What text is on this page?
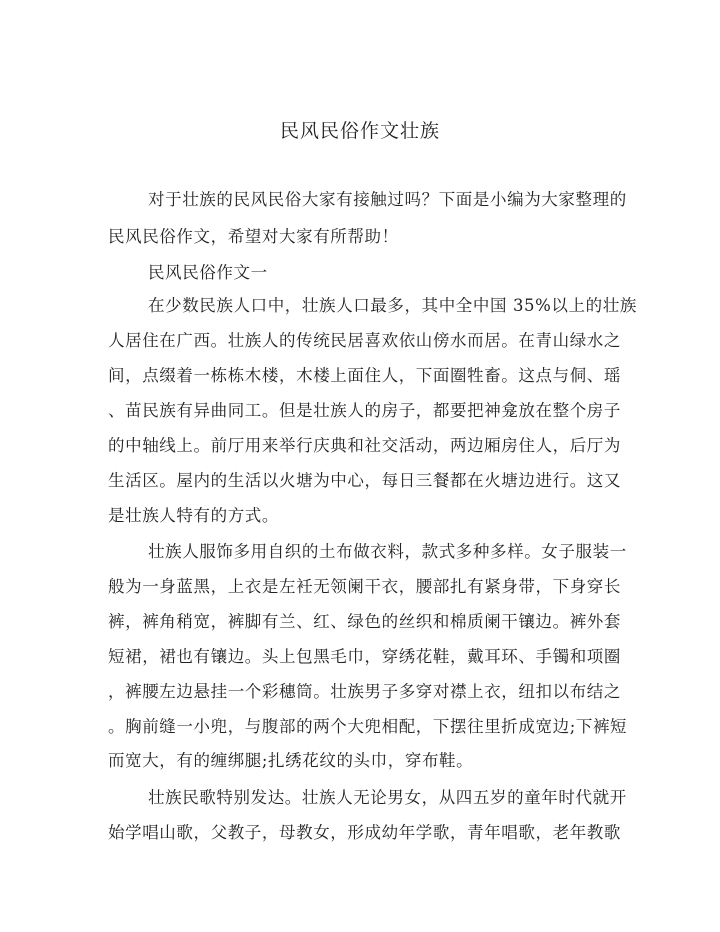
民风民俗作文壮族
对于壮族的民风民俗大家有接触过吗？下面是小编为大家整理的
民风民俗作文，希望对大家有所帮助！
民风民俗作文一
在少数民族人口中，壮族人口最多，其中全中国 35%以上的壮族
人居住在广西。壮族人的传统民居喜欢依山傍水而居。在青山绿水之
间，点缀着一栋栋木楼，木楼上面住人，下面圈牲畜。这点与侗、瑶
、苗民族有异曲同工。但是壮族人的房子，都要把神龛放在整个房子
的中轴线上。前厅用来举行庆典和社交活动，两边厢房住人，后厅为
生活区。屋内的生活以火塘为中心，每日三餐都在火塘边进行。这又
是壮族人特有的方式。
壮族人服饰多用自织的土布做衣料，款式多种多样。女子服装一
般为一身蓝黑，上衣是左衽无领阑干衣，腰部扎有紧身带，下身穿长
裤，裤角稍宽，裤脚有兰、红、绿色的丝织和棉质阑干镶边。裤外套
短裙，裙也有镶边。头上包黑毛巾，穿绣花鞋，戴耳环、手镯和项圈
，裤腰左边悬挂一个彩穗筒。壮族男子多穿对襟上衣，纽扣以布结之
。胸前缝一小兜，与腹部的两个大兜相配，下摆往里折成宽边;下裤短
而宽大，有的缠绑腿;扎绣花纹的头巾，穿布鞋。
壮族民歌特别发达。壮族人无论男女，从四五岁的童年时代就开
始学唱山歌，父教子，母教女，形成幼年学歌，青年唱歌，老年教歌
